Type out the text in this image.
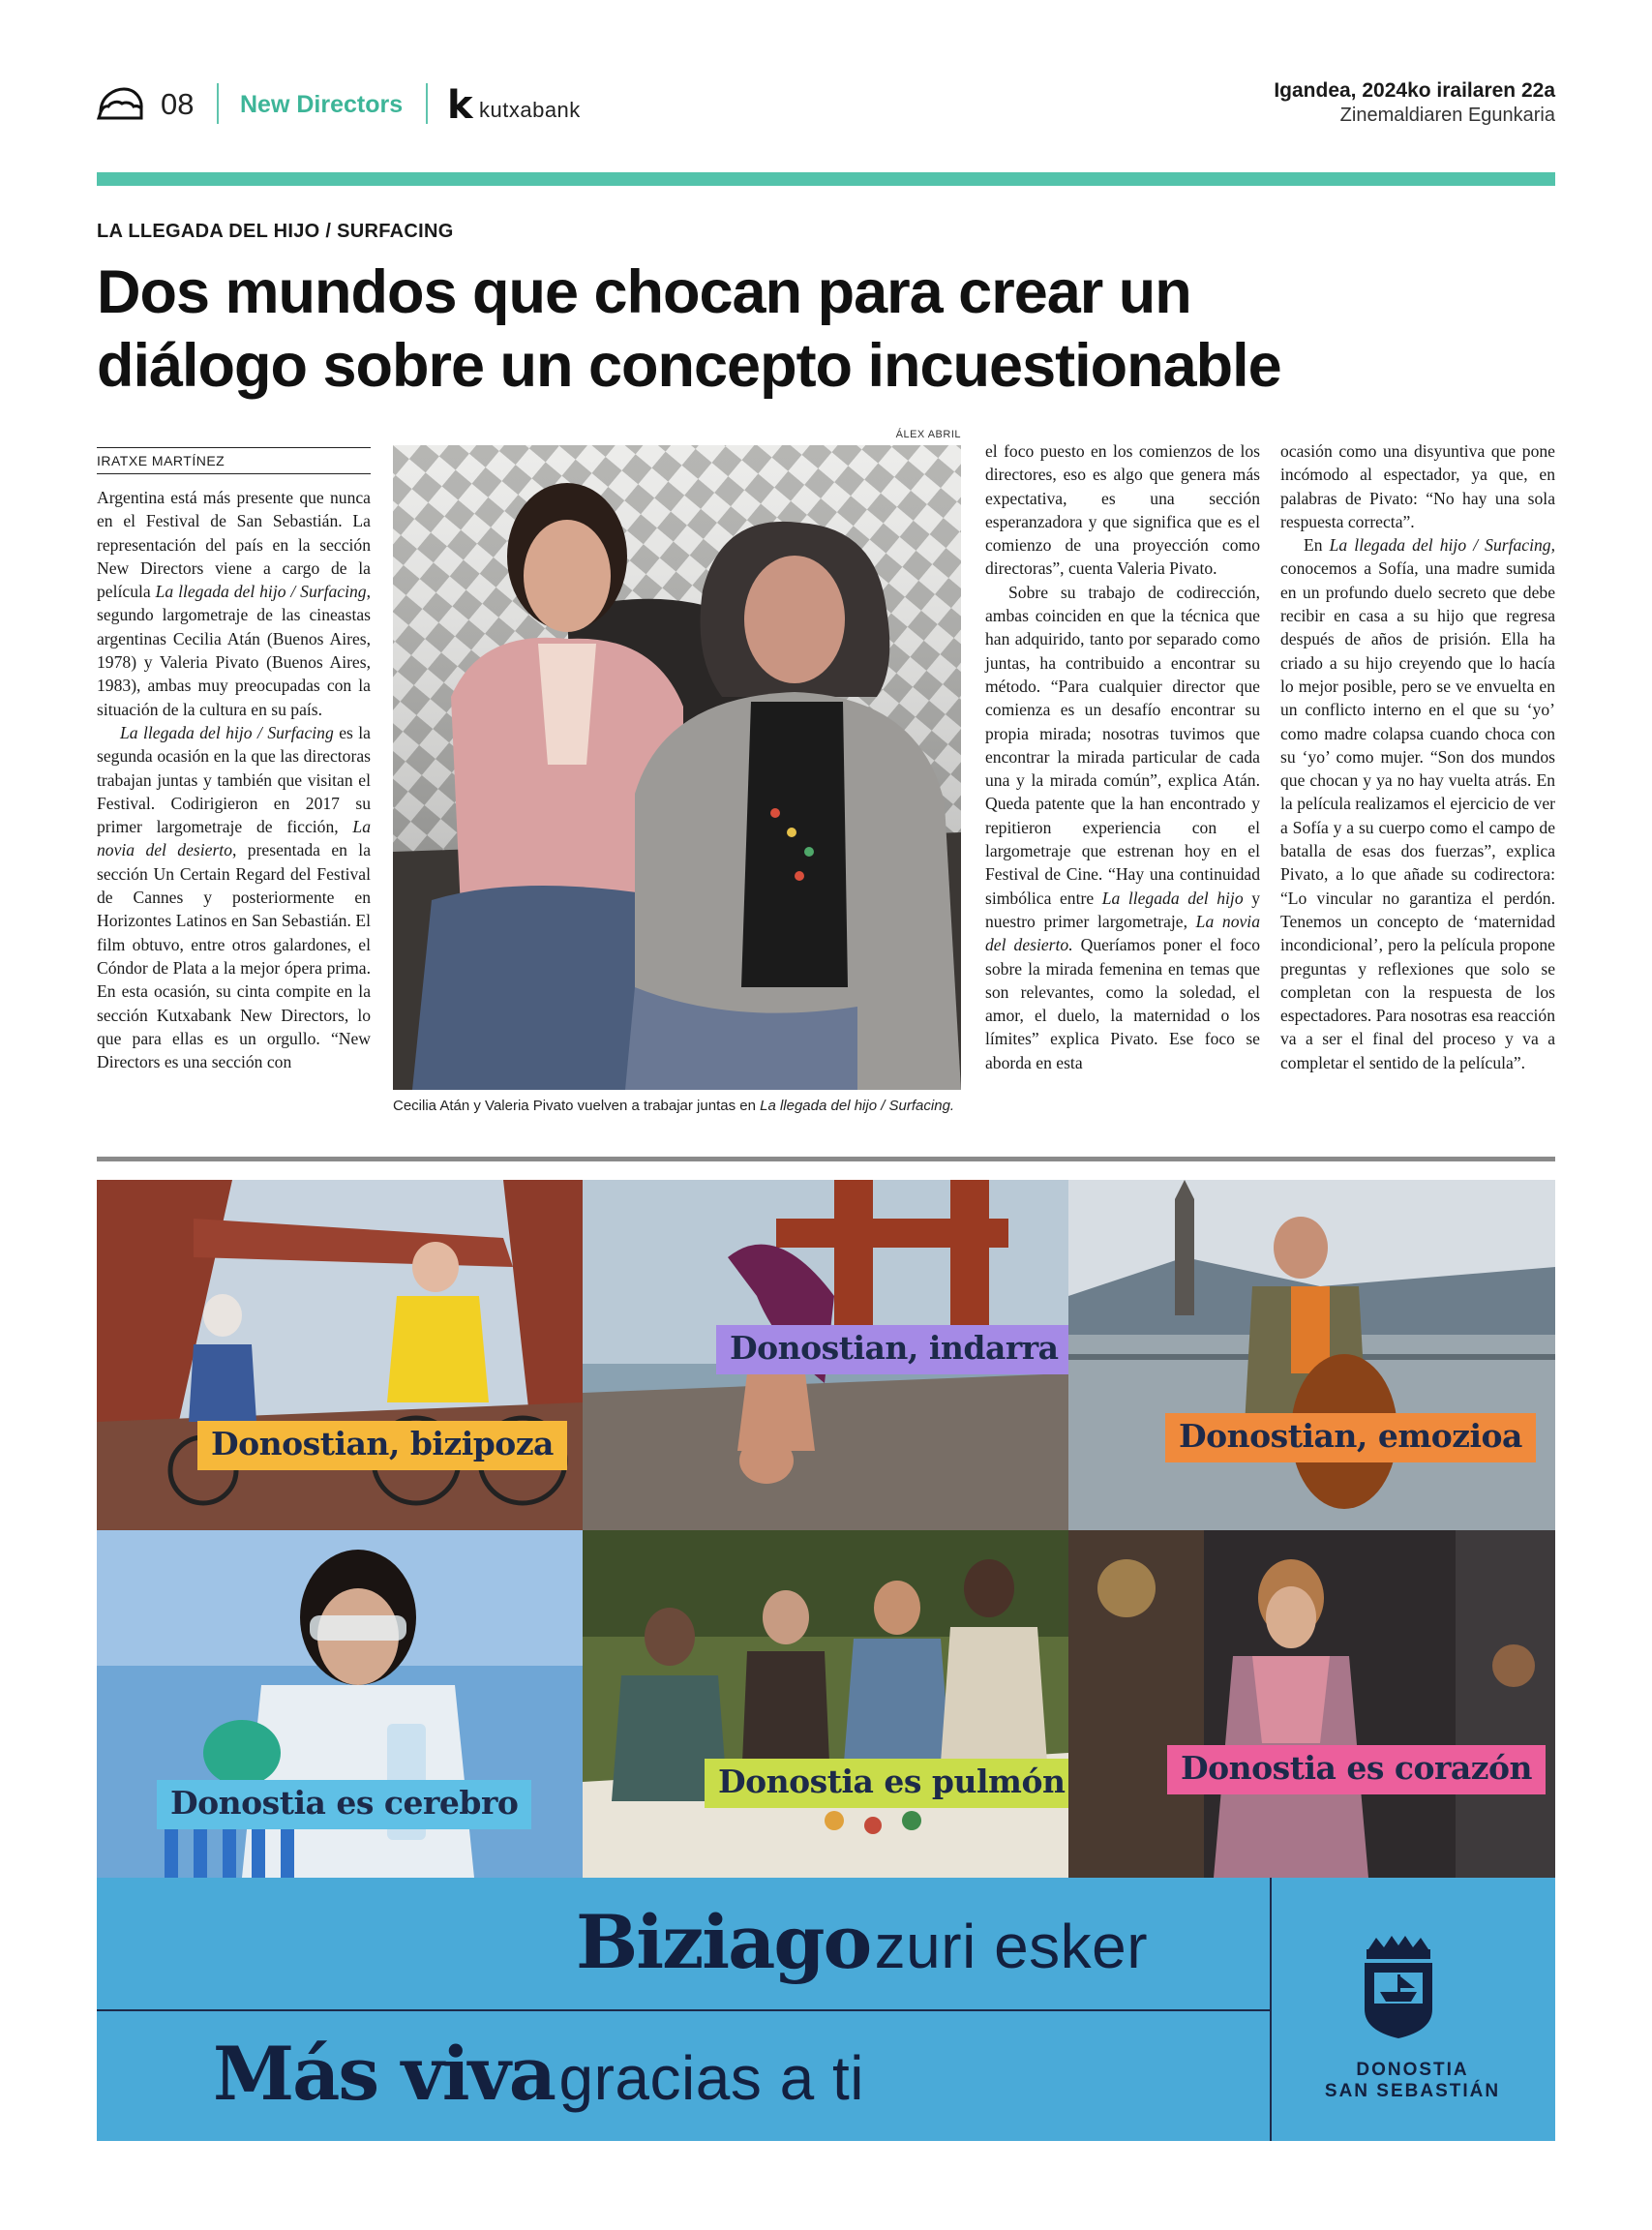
08 New Directors k kutxabank
Igandea, 2024ko irailaren 22a
Zinemaldiaren Egunkaria
LA LLEGADA DEL HIJO / SURFACING
Dos mundos que chocan para crear un
diálogo sobre un concepto incuestionable
IRATXE MARTÍNEZ

Argentina está más presente que nunca en el Festival de San Sebastián. La representación del país en la sección New Directors viene a cargo de la película La llegada del hijo / Surfacing, segundo largometraje de las cineastas argentinas Cecilia Atán (Buenos Aires, 1978) y Valeria Pivato (Buenos Aires, 1983), ambas muy preocupadas con la situación de la cultura en su país.

La llegada del hijo / Surfacing es la segunda ocasión en la que las directoras trabajan juntas y también que visitan el Festival. Codirigieron en 2017 su primer largometraje de ficción, La novia del desierto, presentada en la sección Un Certain Regard del Festival de Cannes y posteriormente en Horizontes Latinos en San Sebastián. El film obtuvo, entre otros galardones, el Cóndor de Plata a la mejor ópera prima. En esta ocasión, su cinta compite en la sección Kutxabank New Directors, lo que para ellas es un orgullo. “New Directors es una sección con

ÁLEX ABRIL
Cecilia Atán y Valeria Pivato vuelven a trabajar juntas en La llegada del hijo / Surfacing.

el foco puesto en los comienzos de los directores, eso es algo que genera más expectativa, es una sección esperanzadora y que significa que es el comienzo de una proyección como directoras”, cuenta Valeria Pivato.

Sobre su trabajo de codirección, ambas coinciden en que la técnica que han adquirido, tanto por separado como juntas, ha contribuido a encontrar su método. “Para cualquier director que comienza es un desafío encontrar su propia mirada; nosotras tuvimos que encontrar la mirada particular de cada una y la mirada común”, explica Atán. Queda patente que la han encontrado y repitieron experiencia con el largometraje que estrenan hoy en el Festival de Cine. “Hay una continuidad simbólica entre La llegada del hijo y nuestro primer largometraje, La novia del desierto. Queríamos poner el foco sobre la mirada femenina en temas que son relevantes, como la soledad, el amor, el duelo, la maternidad o los límites” explica Pivato. Ese foco se aborda en esta

ocasión como una disyuntiva que pone incómodo al espectador, ya que, en palabras de Pivato: “No hay una sola respuesta correcta”.

En La llegada del hijo / Surfacing, conocemos a Sofía, una madre sumida en un profundo duelo secreto que debe recibir en casa a su hijo que regresa después de años de prisión. Ella ha criado a su hijo creyendo que lo hacía lo mejor posible, pero se ve envuelta en un conflicto interno en el que su ‘yo’ como madre colapsa cuando choca con su ‘yo’ como mujer. “Son dos mundos que chocan y ya no hay vuelta atrás. En la película realizamos el ejercicio de ver a Sofía y a su cuerpo como el campo de batalla de esas dos fuerzas”, explica Pivato, a lo que añade su codirectora: “Lo vincular no garantiza el perdón. Tenemos un concepto de ‘maternidad incondicional’, pero la película propone preguntas y reflexiones que solo se completan con la respuesta de los espectadores. Para nosotras esa reacción va a ser el final del proceso y va a completar el sentido de la película”.

Donostian, bizipoza
Donostian, indarra
Donostian, emozioa
Donostia es cerebro
Donostia es pulmón	Donostia es corazón
Biziago zuri esker
Más viva gracias a ti	DONOSTIA
SAN SEBASTIÁN
